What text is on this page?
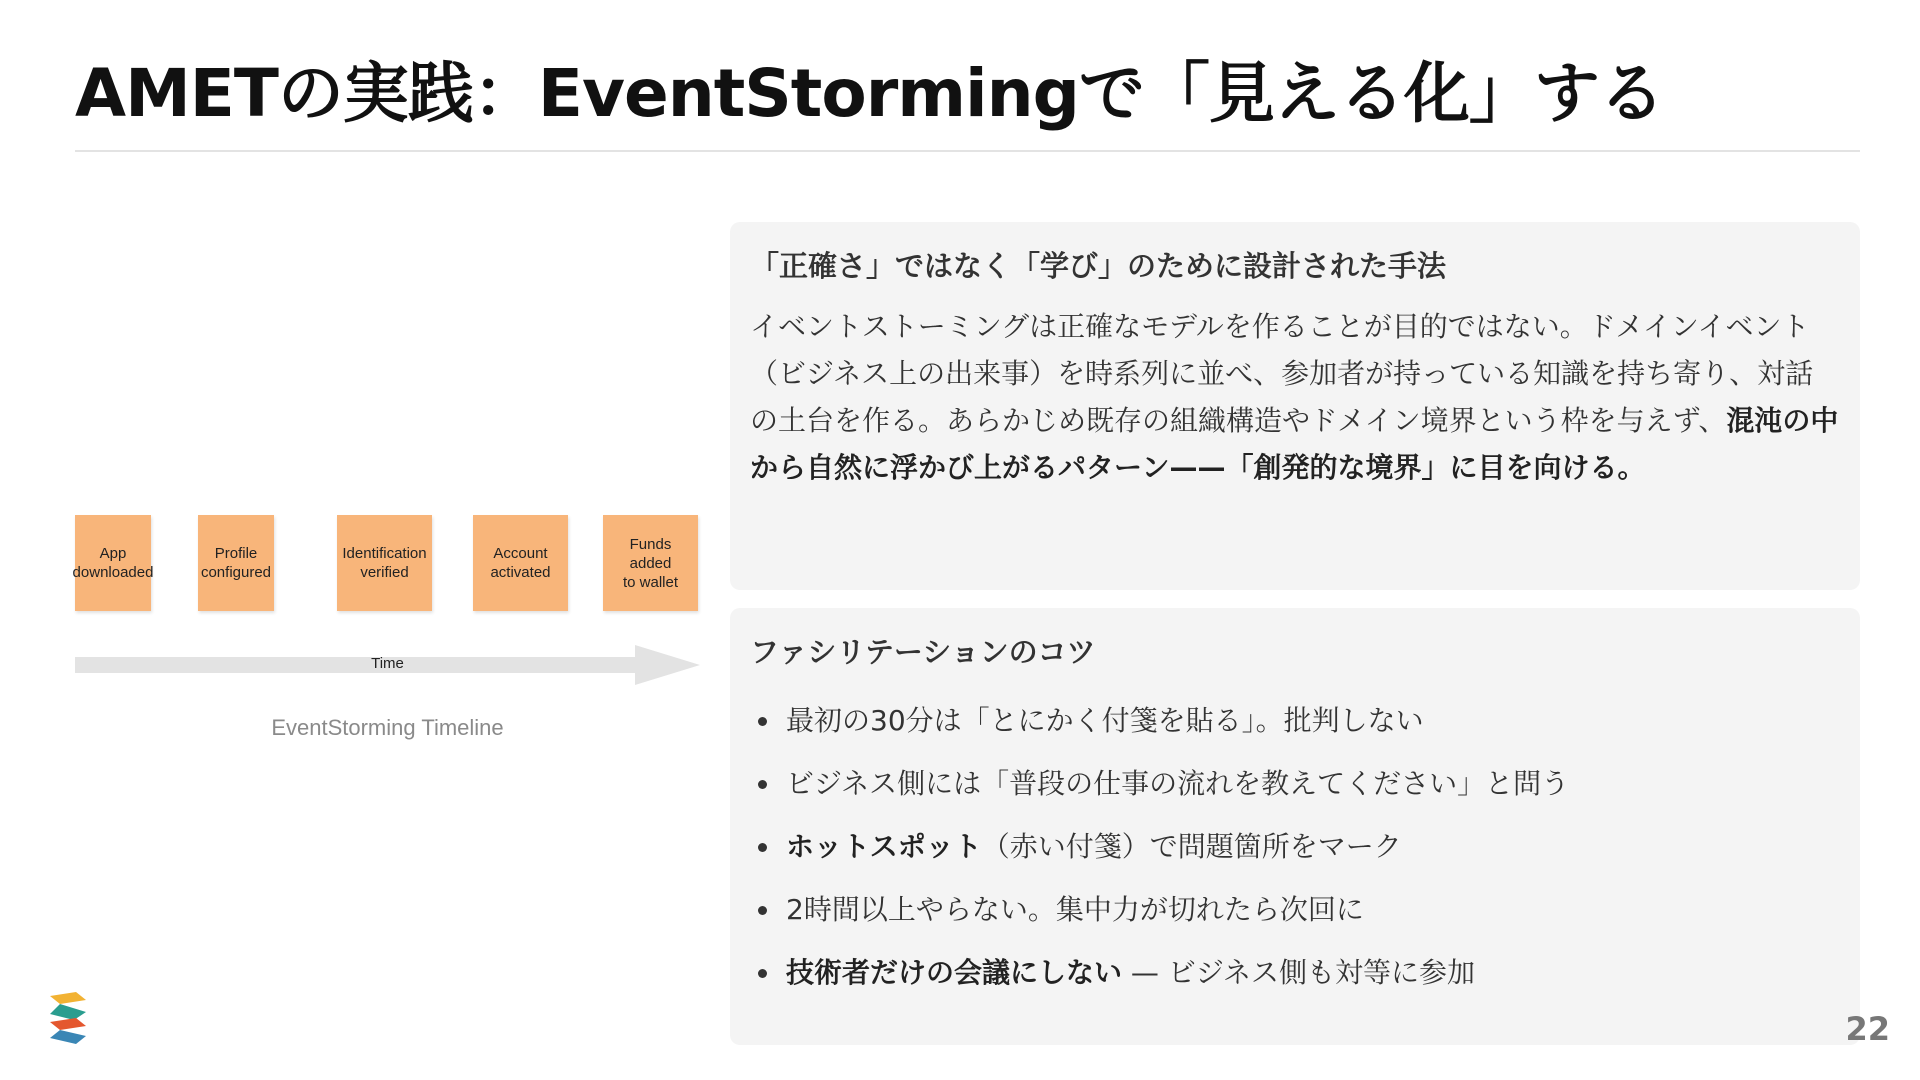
AMETの実践：EventStormingで「見える化」する
App
downloaded
Profile
configured
Identification
verified
Account
activated
Funds
added
to wallet
Time
EventStorming Timeline
「正確さ」ではなく「学び」のために設計された手法
イベントストーミングは正確なモデルを作ることが目的ではない。ドメインイベント（ビジネス上の出来事）を時系列に並べ、参加者が持っている知識を持ち寄り、対話の土台を作る。あらかじめ既存の組織構造やドメイン境界という枠を与えず、混沌の中から自然に浮かび上がるパターン——「創発的な境界」に目を向ける。
ファシリテーションのコツ
最初の30分は「とにかく付箋を貼る」。批判しない
ビジネス側には「普段の仕事の流れを教えてください」と問う
ホットスポット（赤い付箋）で問題箇所をマーク
2時間以上やらない。集中力が切れたら次回に
技術者だけの会議にしない — ビジネス側も対等に参加
22
